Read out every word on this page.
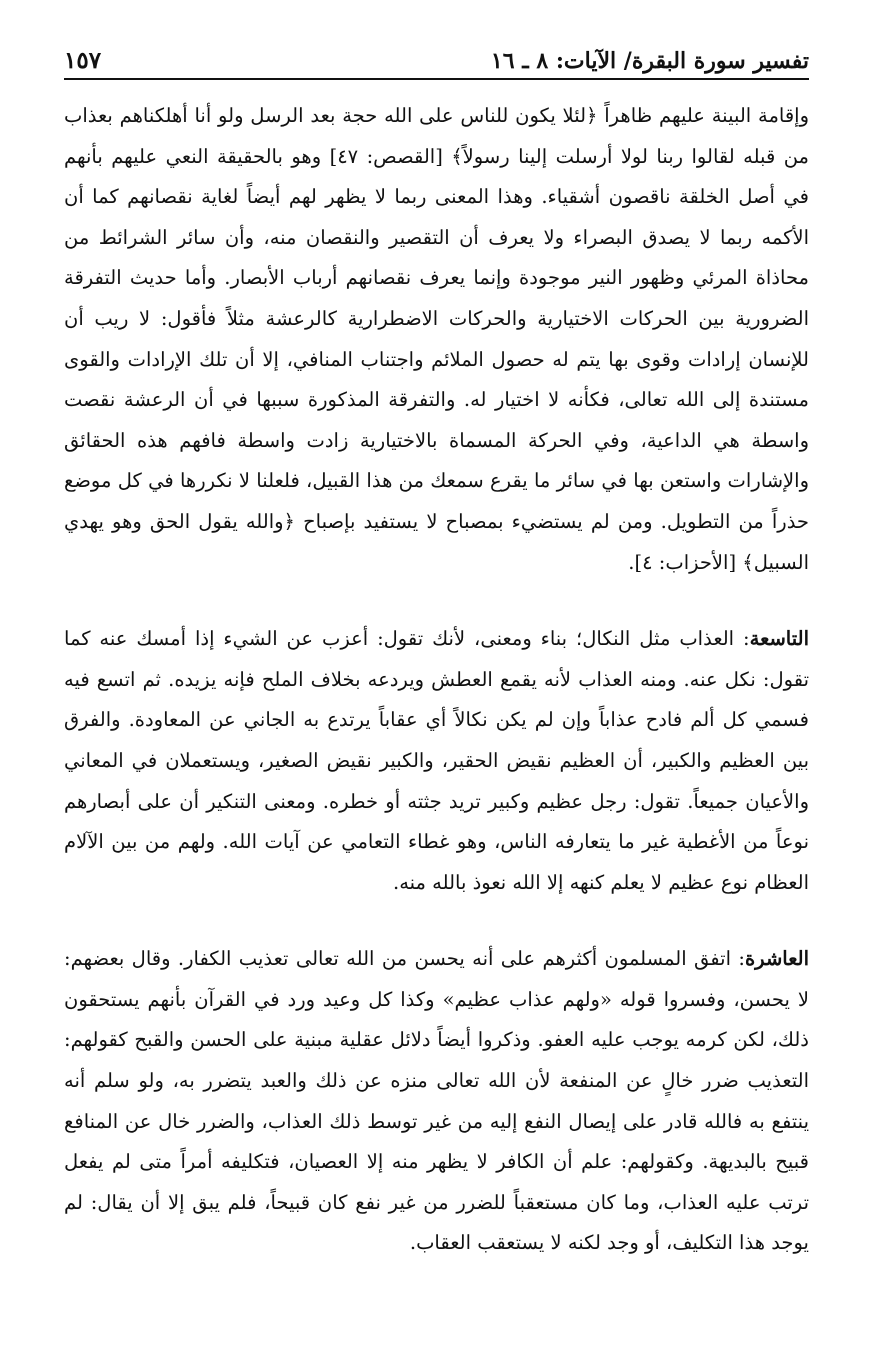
تفسير سورة البقرة/ الآيات: ٨ ـ ١٦
١٥٧

وإقامة البينة عليهم ظاهراً ﴿لئلا يكون للناس على الله حجة بعد الرسل ولو أنا أهلكناهم بعذاب من قبله لقالوا ربنا لولا أرسلت إلينا رسولاً﴾ [القصص: ٤٧] وهو بالحقيقة النعي عليهم بأنهم في أصل الخلقة ناقصون أشقياء. وهذا المعنى ربما لا يظهر لهم أيضاً لغاية نقصانهم كما أن الأكمه ربما لا يصدق البصراء ولا يعرف أن التقصير والنقصان منه، وأن سائر الشرائط من محاذاة المرئي وظهور النير موجودة وإنما يعرف نقصانهم أرباب الأبصار. وأما حديث التفرقة الضرورية بين الحركات الاختيارية والحركات الاضطرارية كالرعشة مثلاً فأقول: لا ريب أن للإنسان إرادات وقوى بها يتم له حصول الملائم واجتناب المنافي، إلا أن تلك الإرادات والقوى مستندة إلى الله تعالى، فكأنه لا اختيار له. والتفرقة المذكورة سببها في أن الرعشة نقصت واسطة هي الداعية، وفي الحركة المسماة بالاختيارية زادت واسطة فافهم هذه الحقائق والإشارات واستعن بها في سائر ما يقرع سمعك من هذا القبيل، فلعلنا لا نكررها في كل موضع حذراً من التطويل. ومن لم يستضيء بمصباح لا يستفيد بإصباح ﴿والله يقول الحق وهو يهدي السبيل﴾ [الأحزاب: ٤].

التاسعة: العذاب مثل النكال؛ بناء ومعنى، لأنك تقول: أعزب عن الشيء إذا أمسك عنه كما تقول: نكل عنه. ومنه العذاب لأنه يقمع العطش ويردعه بخلاف الملح فإنه يزيده. ثم اتسع فيه فسمي كل ألم فادح عذاباً وإن لم يكن نكالاً أي عقاباً يرتدع به الجاني عن المعاودة. والفرق بين العظيم والكبير، أن العظيم نقيض الحقير، والكبير نقيض الصغير، ويستعملان في المعاني والأعيان جميعاً. تقول: رجل عظيم وكبير تريد جثته أو خطره. ومعنى التنكير أن على أبصارهم نوعاً من الأغطية غير ما يتعارفه الناس، وهو غطاء التعامي عن آيات الله. ولهم من بين الآلام العظام نوع عظيم لا يعلم كنهه إلا الله نعوذ بالله منه.

العاشرة: اتفق المسلمون أكثرهم على أنه يحسن من الله تعالى تعذيب الكفار. وقال بعضهم: لا يحسن، وفسروا قوله «ولهم عذاب عظيم» وكذا كل وعيد ورد في القرآن بأنهم يستحقون ذلك، لكن كرمه يوجب عليه العفو. وذكروا أيضاً دلائل عقلية مبنية على الحسن والقبح كقولهم: التعذيب ضرر خالٍ عن المنفعة لأن الله تعالى منزه عن ذلك والعبد يتضرر به، ولو سلم أنه ينتفع به فالله قادر على إيصال النفع إليه من غير توسط ذلك العذاب، والضرر خال عن المنافع قبيح بالبديهة. وكقولهم: علم أن الكافر لا يظهر منه إلا العصيان، فتكليفه أمراً متى لم يفعل ترتب عليه العذاب، وما كان مستعقباً للضرر من غير نفع كان قبيحاً، فلم يبق إلا أن يقال: لم يوجد هذا التكليف، أو وجد لكنه لا يستعقب العقاب.
